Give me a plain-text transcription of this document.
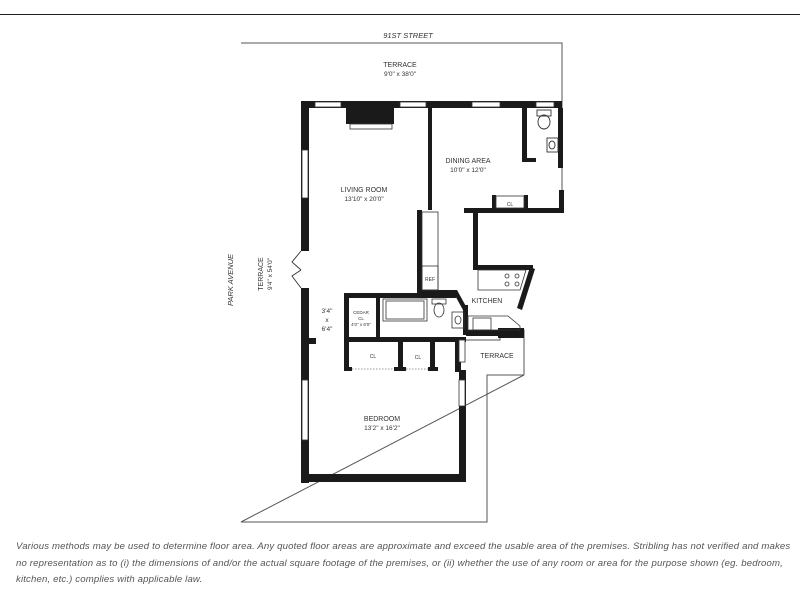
91ST STREET
PARK AVENUE
TERRACE
9'0" x 38'0"
TERRACE 9'4" x 54'0"
LIVING ROOM
13'10" x 20'0"
DINING AREA
10'0" x 12'0"
CL
REF
KITCHEN
TERRACE
CEDAR
CL
4'0" x 6'0"
3'4"
x
6'4"
CL	CL
BEDROOM
13'2" x 16'2"
Various methods may be used to determine floor area. Any quoted floor areas are approximate and exceed the usable area of the premises. Stribling has not verified and makes no representation as to (i) the dimensions of and/or the actual square footage of the premises, or (ii) whether the use of any room or area for the purpose shown (eg. bedroom, kitchen, etc.) complies with applicable law.
